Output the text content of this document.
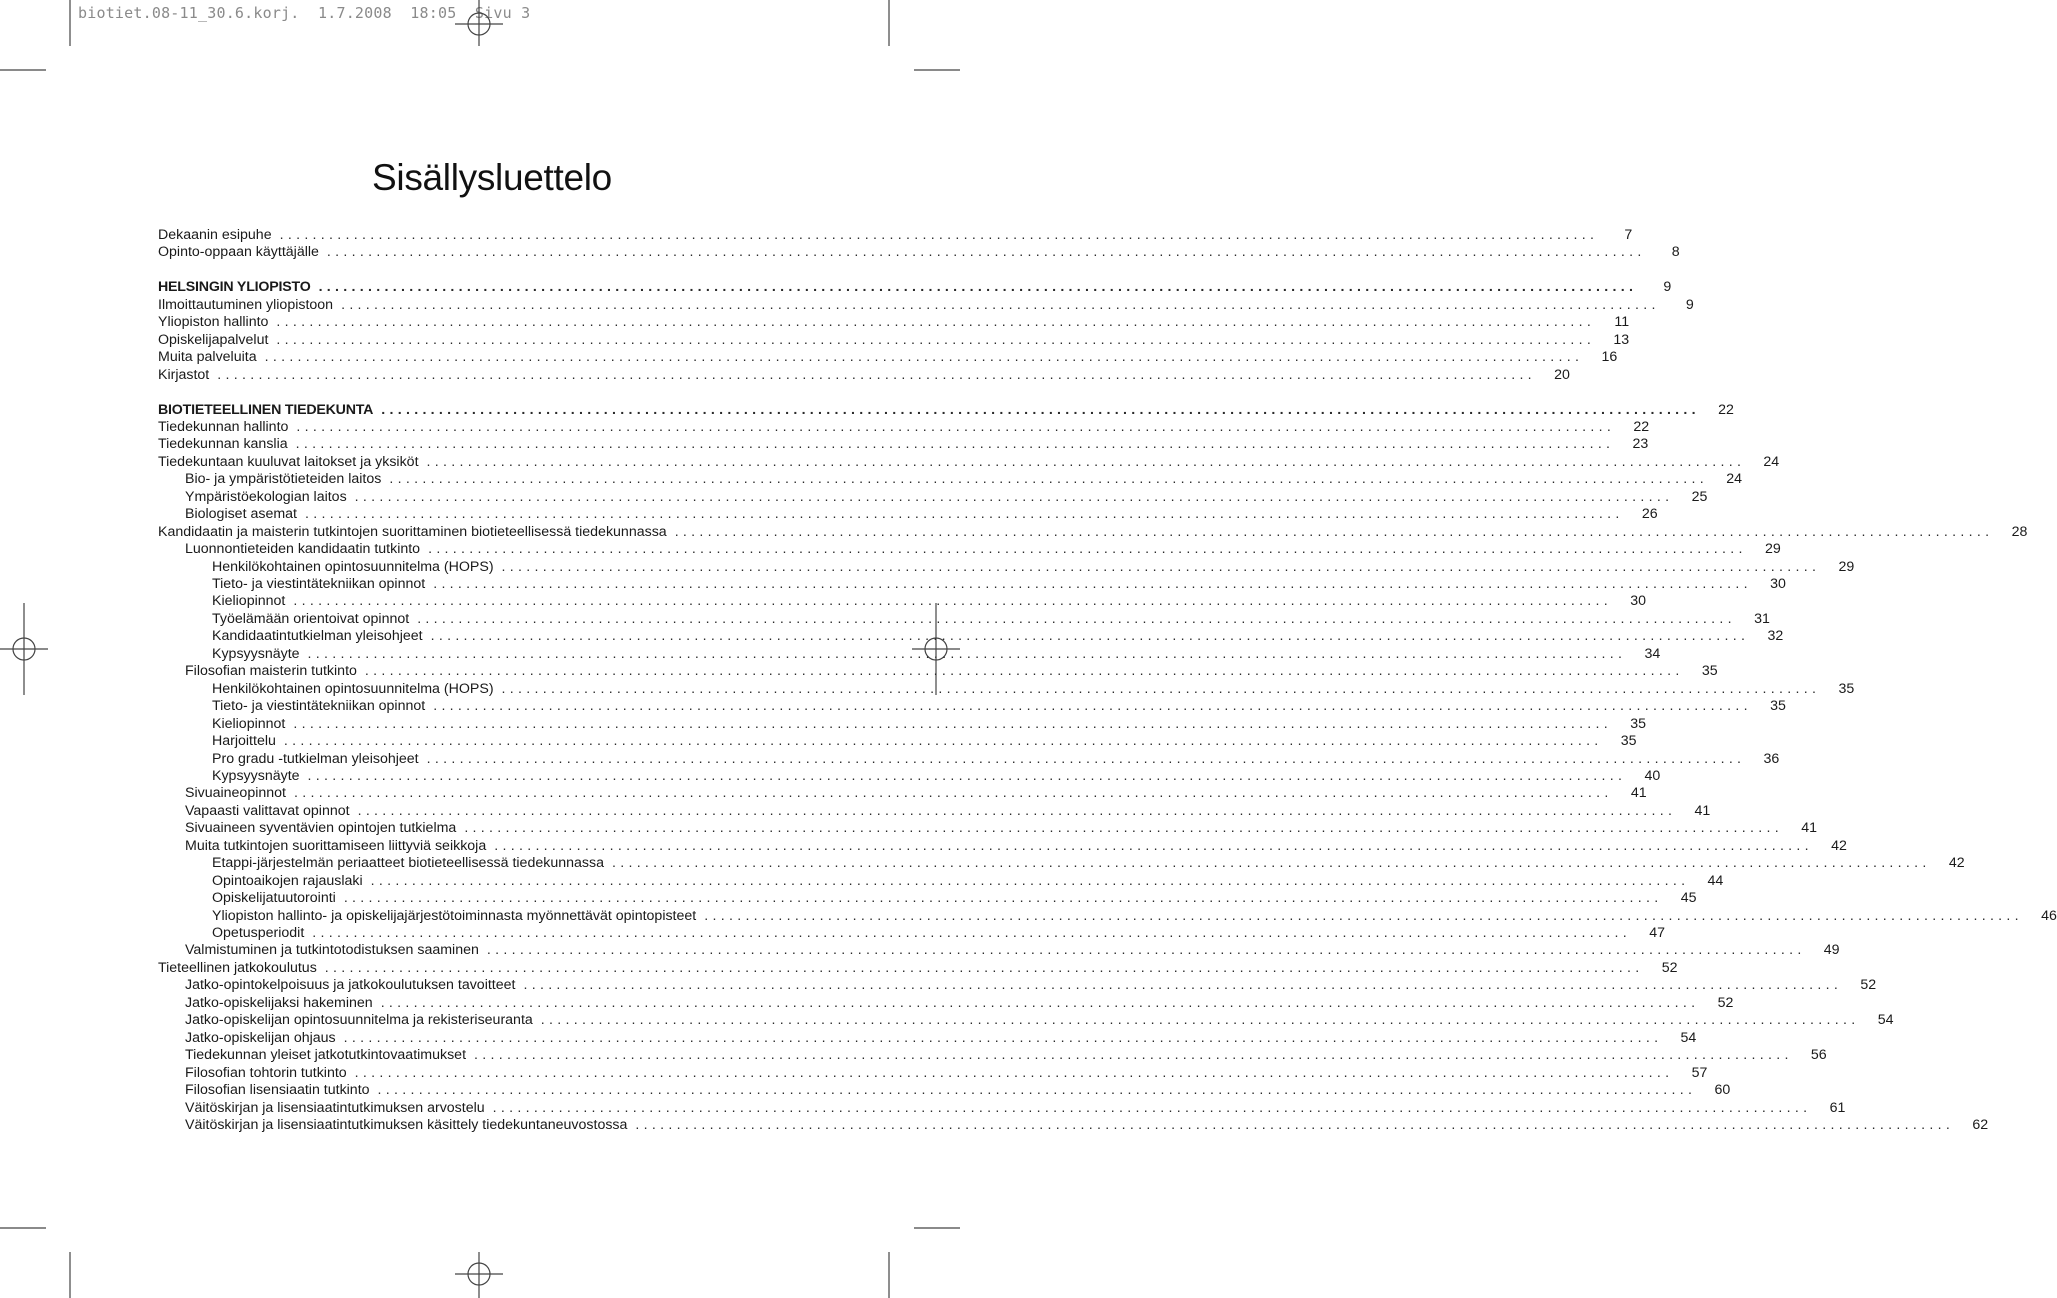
biotiet.08-11_30.6.korj.  1.7.2008  18:05  Sivu 3
Sisällysluettelo
Dekaanin esipuhe ................................................................................................................................................................	7
Opinto-oppaan käyttäjälle ................................................................................................................................................................	8
HELSINGIN YLIOPISTO ................................................................................................................................................................	9
Ilmoittautuminen yliopistoon ................................................................................................................................................................	9
Yliopiston hallinto ................................................................................................................................................................	11
Opiskelijapalvelut ................................................................................................................................................................	13
Muita palveluita ................................................................................................................................................................	16
Kirjastot ................................................................................................................................................................	20
BIOTIETEELLINEN TIEDEKUNTA ................................................................................................................................................................	22
Tiedekunnan hallinto ................................................................................................................................................................	22
Tiedekunnan kanslia ................................................................................................................................................................	23
Tiedekuntaan kuuluvat laitokset ja yksiköt ................................................................................................................................................................	24
Bio- ja ympäristötieteiden laitos ................................................................................................................................................................	24
Ympäristöekologian laitos ................................................................................................................................................................	25
Biologiset asemat ................................................................................................................................................................	26
Kandidaatin ja maisterin tutkintojen suorittaminen biotieteellisessä tiedekunnassa ................................................................................................................................................................	28
Luonnontieteiden kandidaatin tutkinto ................................................................................................................................................................	29
Henkilökohtainen opintosuunnitelma (HOPS) ................................................................................................................................................................	29
Tieto- ja viestintätekniikan opinnot ................................................................................................................................................................	30
Kieliopinnot ................................................................................................................................................................	30
Työelämään orientoivat opinnot ................................................................................................................................................................	31
Kandidaatintutkielman yleisohjeet ................................................................................................................................................................	32
Kypsyysnäyte ................................................................................................................................................................	34
Filosofian maisterin tutkinto ................................................................................................................................................................	35
Henkilökohtainen opintosuunnitelma (HOPS) ................................................................................................................................................................	35
Tieto- ja viestintätekniikan opinnot ................................................................................................................................................................	35
Kieliopinnot ................................................................................................................................................................	35
Harjoittelu ................................................................................................................................................................	35
Pro gradu -tutkielman yleisohjeet ................................................................................................................................................................	36
Kypsyysnäyte ................................................................................................................................................................	40
Sivuaineopinnot ................................................................................................................................................................	41
Vapaasti valittavat opinnot ................................................................................................................................................................	41
Sivuaineen syventävien opintojen tutkielma ................................................................................................................................................................	41
Muita tutkintojen suorittamiseen liittyviä seikkoja ................................................................................................................................................................	42
Etappi-järjestelmän periaatteet biotieteellisessä tiedekunnassa ................................................................................................................................................................	42
Opintoaikojen rajauslaki ................................................................................................................................................................	44
Opiskelijatuutorointi ................................................................................................................................................................	45
Yliopiston hallinto- ja opiskelijajärjestötoiminnasta myönnettävät opintopisteet ................................................................................................................................................................	46
Opetusperiodit ................................................................................................................................................................	47
Valmistuminen ja tutkintotodistuksen saaminen ................................................................................................................................................................	49
Tieteellinen jatkokoulutus ................................................................................................................................................................	52
Jatko-opintokelpoisuus ja jatkokoulutuksen tavoitteet ................................................................................................................................................................	52
Jatko-opiskelijaksi hakeminen ................................................................................................................................................................	52
Jatko-opiskelijan opintosuunnitelma ja rekisteriseuranta ................................................................................................................................................................	54
Jatko-opiskelijan ohjaus ................................................................................................................................................................	54
Tiedekunnan yleiset jatkotutkintovaatimukset ................................................................................................................................................................	56
Filosofian tohtorin tutkinto ................................................................................................................................................................	57
Filosofian lisensiaatin tutkinto ................................................................................................................................................................	60
Väitöskirjan ja lisensiaatintutkimuksen arvostelu ................................................................................................................................................................	61
Väitöskirjan ja lisensiaatintutkimuksen käsittely tiedekuntaneuvostossa ................................................................................................................................................................	62
